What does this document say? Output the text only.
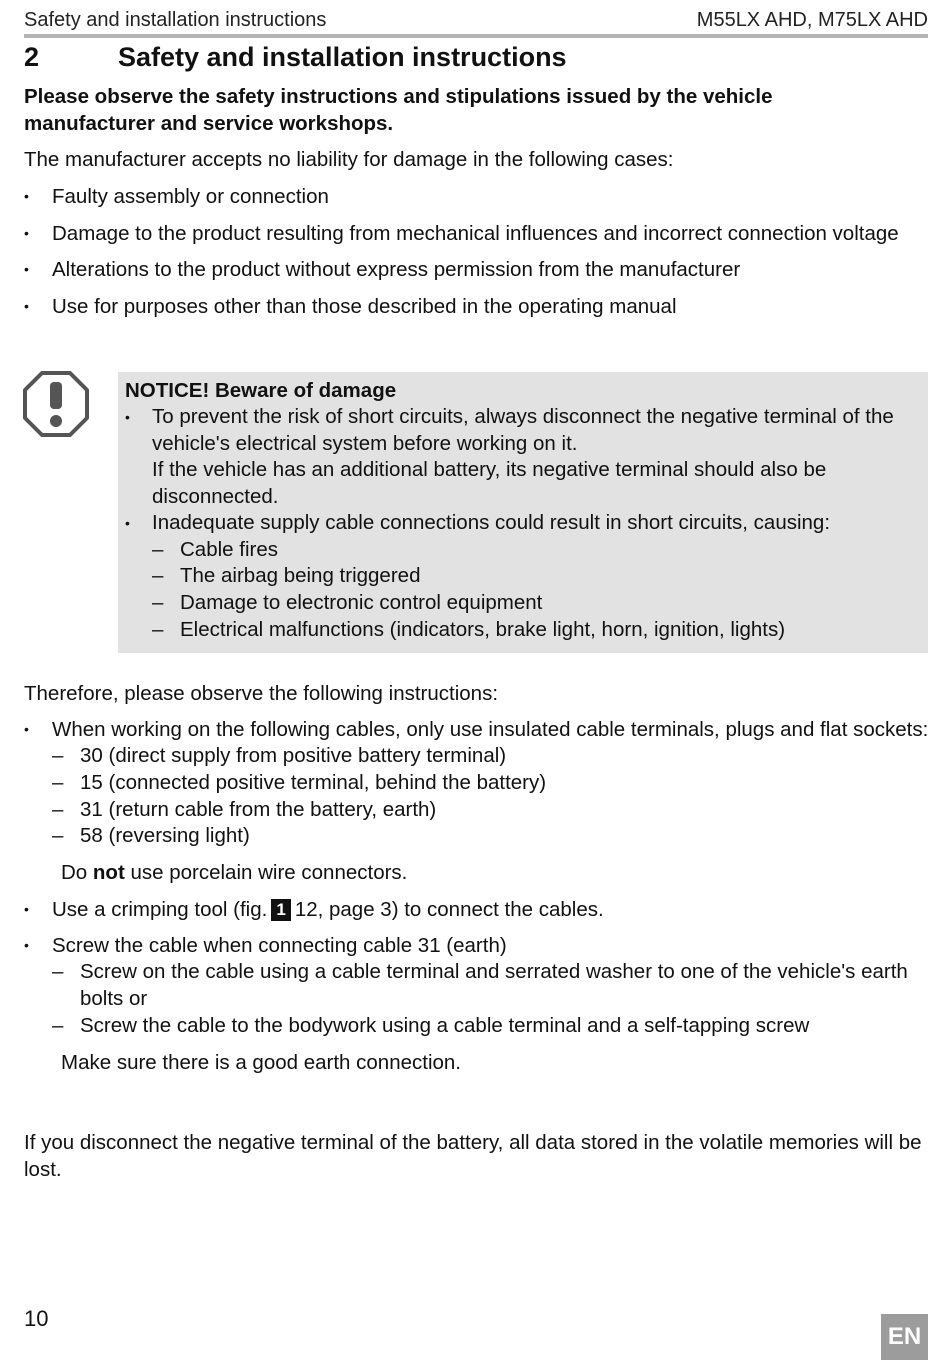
Safety and installation instructions	M55LX AHD, M75LX AHD
2	Safety and installation instructions
Please observe the safety instructions and stipulations issued by the vehicle manufacturer and service workshops.
The manufacturer accepts no liability for damage in the following cases:
• Faulty assembly or connection
• Damage to the product resulting from mechanical influences and incorrect connection voltage
• Alterations to the product without express permission from the manufacturer
• Use for purposes other than those described in the operating manual
NOTICE! Beware of damage
• To prevent the risk of short circuits, always disconnect the negative terminal of the vehicle's electrical system before working on it.
If the vehicle has an additional battery, its negative terminal should also be disconnected.
• Inadequate supply cable connections could result in short circuits, causing:
– Cable fires
– The airbag being triggered
– Damage to electronic control equipment
– Electrical malfunctions (indicators, brake light, horn, ignition, lights)
Therefore, please observe the following instructions:
• When working on the following cables, only use insulated cable terminals, plugs and flat sockets:
– 30 (direct supply from positive battery terminal)
– 15 (connected positive terminal, behind the battery)
– 31 (return cable from the battery, earth)
– 58 (reversing light)
Do not use porcelain wire connectors.
• Use a crimping tool (fig. 1 12, page 3) to connect the cables.
• Screw the cable when connecting cable 31 (earth)
– Screw on the cable using a cable terminal and serrated washer to one of the vehicle's earth bolts or
– Screw the cable to the bodywork using a cable terminal and a self-tapping screw
Make sure there is a good earth connection.
If you disconnect the negative terminal of the battery, all data stored in the volatile memories will be lost.
10
EN
